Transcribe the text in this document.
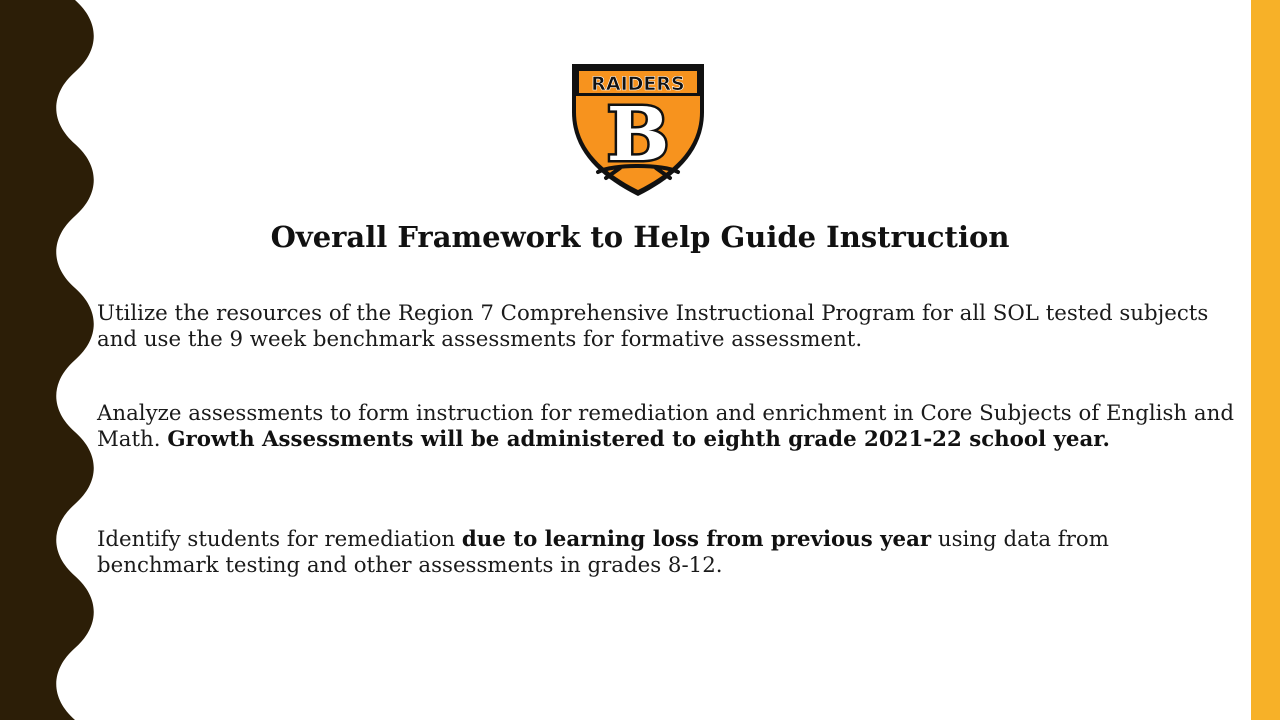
RAIDERS
B
Overall Framework to Help Guide Instruction

Utilize the resources of the Region 7 Comprehensive Instructional Program for all SOL tested subjects and use the 9 week benchmark assessments for formative assessment.

Analyze assessments to form instruction for remediation and enrichment in Core Subjects of English and Math. Growth Assessments will be administered to eighth grade 2021-22 school year.

Identify students for remediation due to learning loss from previous year using data from benchmark testing and other assessments in grades 8-12.
